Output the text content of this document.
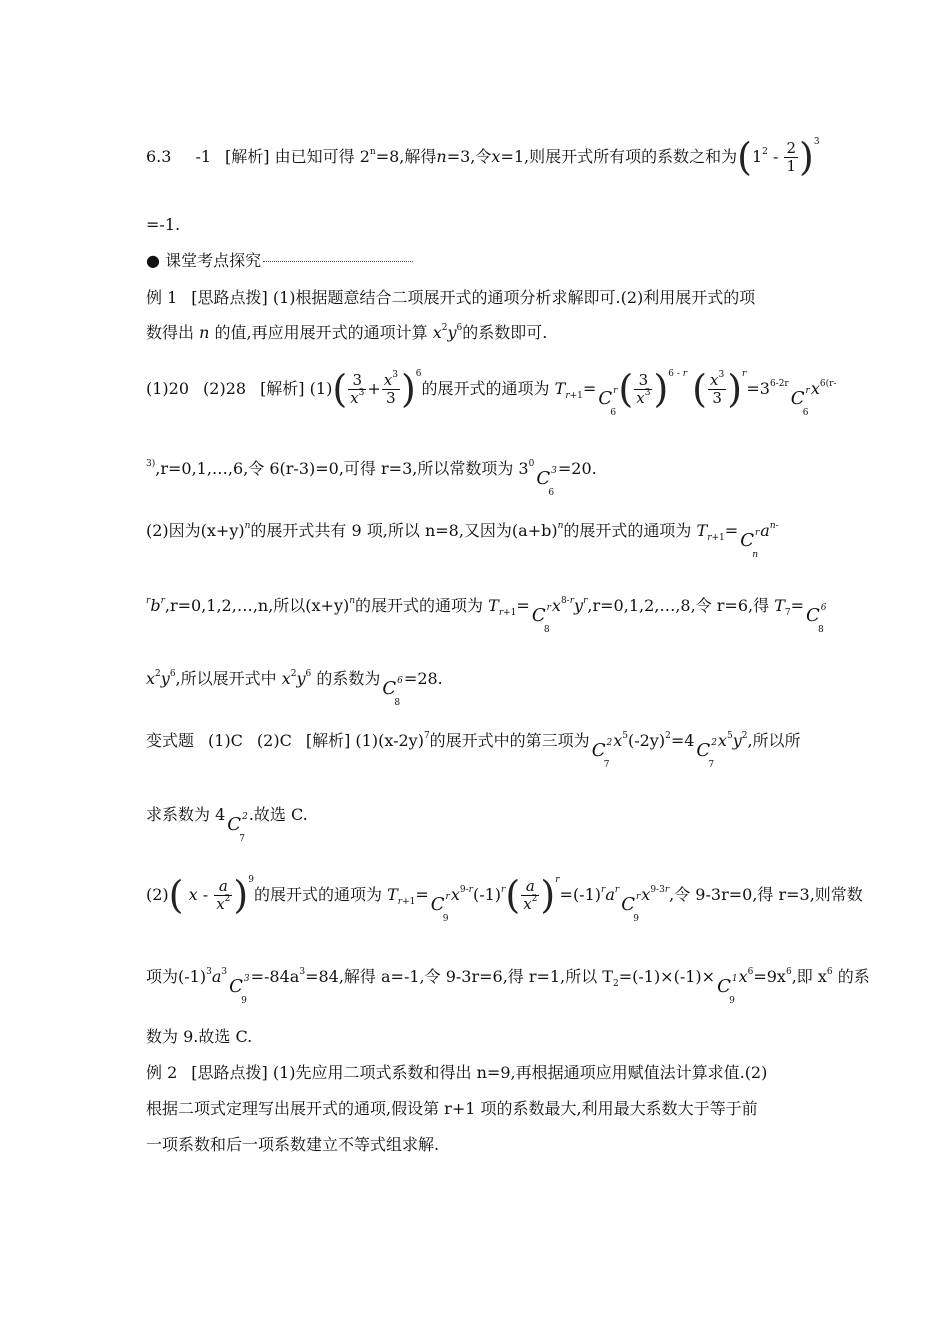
6.3 -1 [解析] 由已知可得 $2^n=8$,解得n=3,令x=1,则展开式所有项的系数之和为$(1^2 - \frac{2}{1} )^3$
=-1.
● 课堂考点探究
例 1 [思路点拨] (1)根据题意结合二项展开式的通项分析求解即可.(2)利用展开式的项
数得出 n 的值,再应用展开式的通项计算 $x^2y^6$的系数即可.
(1)20 (2)28 [解析] $(1)( \frac{3}{x^3} + \frac{x^3}{3} )^6$的展开式的通项为 $T_{r+1}= C$
6
$^r( \frac{3}{x^3} )^{6 - r}$ ( $\frac{x^3}{3} )^r=3^{6-2r}C$
6
$^rx^{6(r-}$
$^{3)}$,r=0,1,…,6,令 6(r-3)=0,可得 r=3,所以常数项为 $3^0C$
6
$^3$=20.
(2)因为$(x+y)^n$的展开式共有 9 项,所以 n=8,又因为$(a+b)^n$的展开式的通项为 $T_{r+1}= C$
n
$^ra^{n-}$
$^rb^r,r=0,1,2,\dots,n$,所以$(x+y)^n$的展开式的通项为 $T_{r+1}= C$
8
$^rx^{8-r}y^r,r=0,1,2,\dots,8$,令 r=6,得 $T_7= C$
8
$^6$
$x^2y^6$,所以展开式中 $x^2y^6$ 的系数为 C
8
$^6$=28.
变式题 (1)C (2)C [解析] $(1)(x-2y)^7$的展开式中的第三项为 C
7
$^2x^5(-2y)^2=4$ C
7
$^2x^5y^2$,所以所
求系数为 4 C
7
$^2$.故选 C.
(2)( x - $\frac{a}{x^2} )^9$的展开式的通项为 $T_{r+1}= C$
9
$^rx^{9-r}(-1)^r( \frac{a}{x^2} )^r=(-1)^ra^rC$
9
$^rx^{9-3r}$,令 9-3r=0,得 r=3,则常数
项为$(-1)^3a^3C$
9
$^3=-84a^3=84$,解得 a=-1,令 9-3r=6,得 r=1,所以 $T_2=(-1)\times(-1)\times C$
9
$^1x^6=9x^6$,即 $x^6$ 的系
数为 9.故选 C.
例 2 [思路点拨] (1)先应用二项式系数和得出 n=9,再根据通项应用赋值法计算求值.(2)
根据二项式定理写出展开式的通项,假设第 r+1 项的系数最大,利用最大系数大于等于前
一项系数和后一项系数建立不等式组求解.
